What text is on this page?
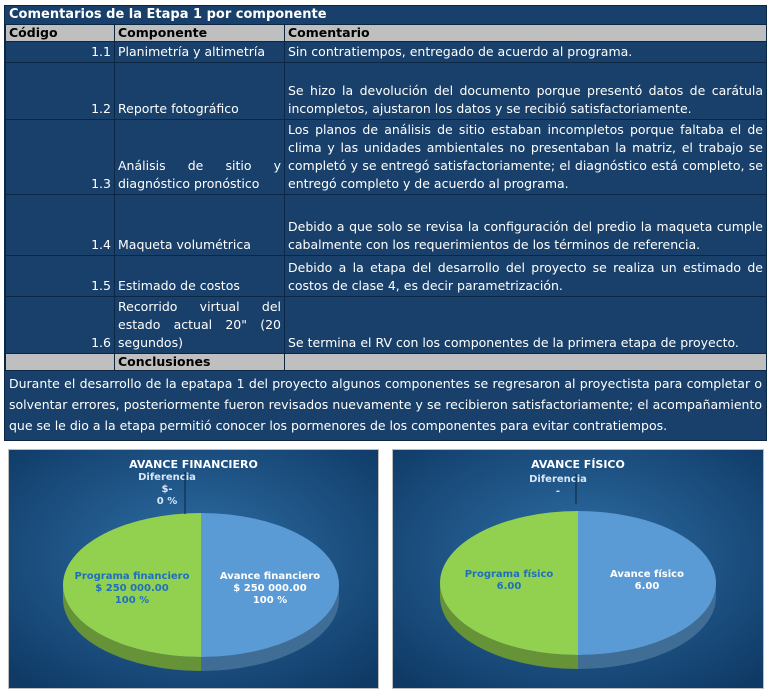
Comentarios de la Etapa 1 por componente
Código	Componente	Comentario
1.1	Planimetría y altimetría	Sin contratiempos, entregado de acuerdo al programa.
1.2	Reporte fotográfico	Se hizo la devolución del documento porque presentó datos de carátula incompletos, ajustaron los datos y se recibió satisfactoriamente.
1.3	Análisis de sitio y diagnóstico pronóstico	Los planos de análisis de sitio estaban incompletos porque faltaba el de clima y las unidades ambientales no presentaban la matriz, el trabajo se completó y se entregó satisfactoriamente; el diagnóstico está completo, se entregó completo y de acuerdo al programa.
1.4	Maqueta volumétrica	Debido a que solo se revisa la configuración del predio la maqueta cumple cabalmente con los requerimientos de los términos de referencia.
1.5	Estimado de costos	Debido a la etapa del desarrollo del proyecto se realiza un estimado de costos de clase 4, es decir parametrización.
1.6	Recorrido virtual del estado actual 20" (20 segundos)	Se termina el RV con los componentes de la primera etapa de proyecto.
	Conclusiones	
Durante el desarrollo de la epatapa 1 del proyecto algunos componentes se regresaron al proyectista para completar o solventar errores, posteriormente fueron revisados nuevamente y se recibieron satisfactoriamente; el acompañamiento que se le dio a la etapa permitió conocer los pormenores de los componentes para evitar contratiempos.
AVANCE FINANCIERO
Avance financiero $ 250 000.00 100 %
Programa financiero $ 250 000.00 100 %
Diferencia $-0 %
AVANCE FÍSICO
Avance físico 6.00
Programa físico 6.00
Diferencia -
